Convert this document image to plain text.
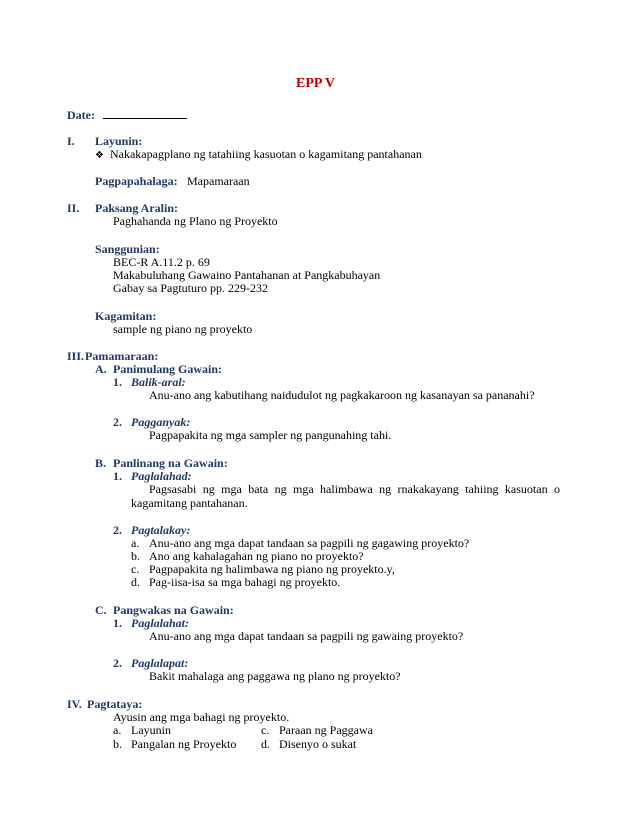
EPP V
Date:
I. Layunin:
❖ Nakakapagplano ng tatahiing kasuotan o kagamitang pantahanan
Pagpapahalaga: Mapamaraan
II. Paksang Aralin:
Paghahanda ng Plano ng Proyekto
Sanggunian:
BEC-R A.11.2 p. 69
Makabuluhang Gawaino Pantahanan at Pangkabuhayan
Gabay sa Pagtuturo pp. 229-232
Kagamitan:
sample ng piano ng proyekto
III. Pamamaraan:
A. Panimulang Gawain:
1. Balik-aral:
Anu-ano ang kabutihang naidudulot ng pagkakaroon ng kasanayan sa pananahi?
2. Pagganyak:
Pagpapakita ng mga sampler ng pangunahing tahi.
B. Panlinang na Gawain:
1. Paglalahad:
Pagsasabi ng mga bata ng mga halimbawa ng rnakakayang tahiing kasuotan o
kagamitang pantahanan.
2. Pagtalakay:
a. Anu-ano ang mga dapat tandaan sa pagpili ng gagawing proyekto?
b. Ano ang kahalagahan ng piano no proyekto?
c. Pagpapakita ng halimbawa ng piano ng proyekto.y,
d. Pag-iisa-isa sa mga bahagi ng proyekto.
C. Pangwakas na Gawain:
1. Paglalahat:
Anu-ano ang mga dapat tandaan sa pagpili ng gawaing proyekto?
2. Paglalapat:
Bakit mahalaga ang paggawa ng plano ng proyekto?
IV. Pagtataya:
Ayusin ang mga bahagi ng proyekto.
a. Layunin	c. Paraan ng Paggawa
b. Pangalan ng Proyekto d. Disenyo o sukat
